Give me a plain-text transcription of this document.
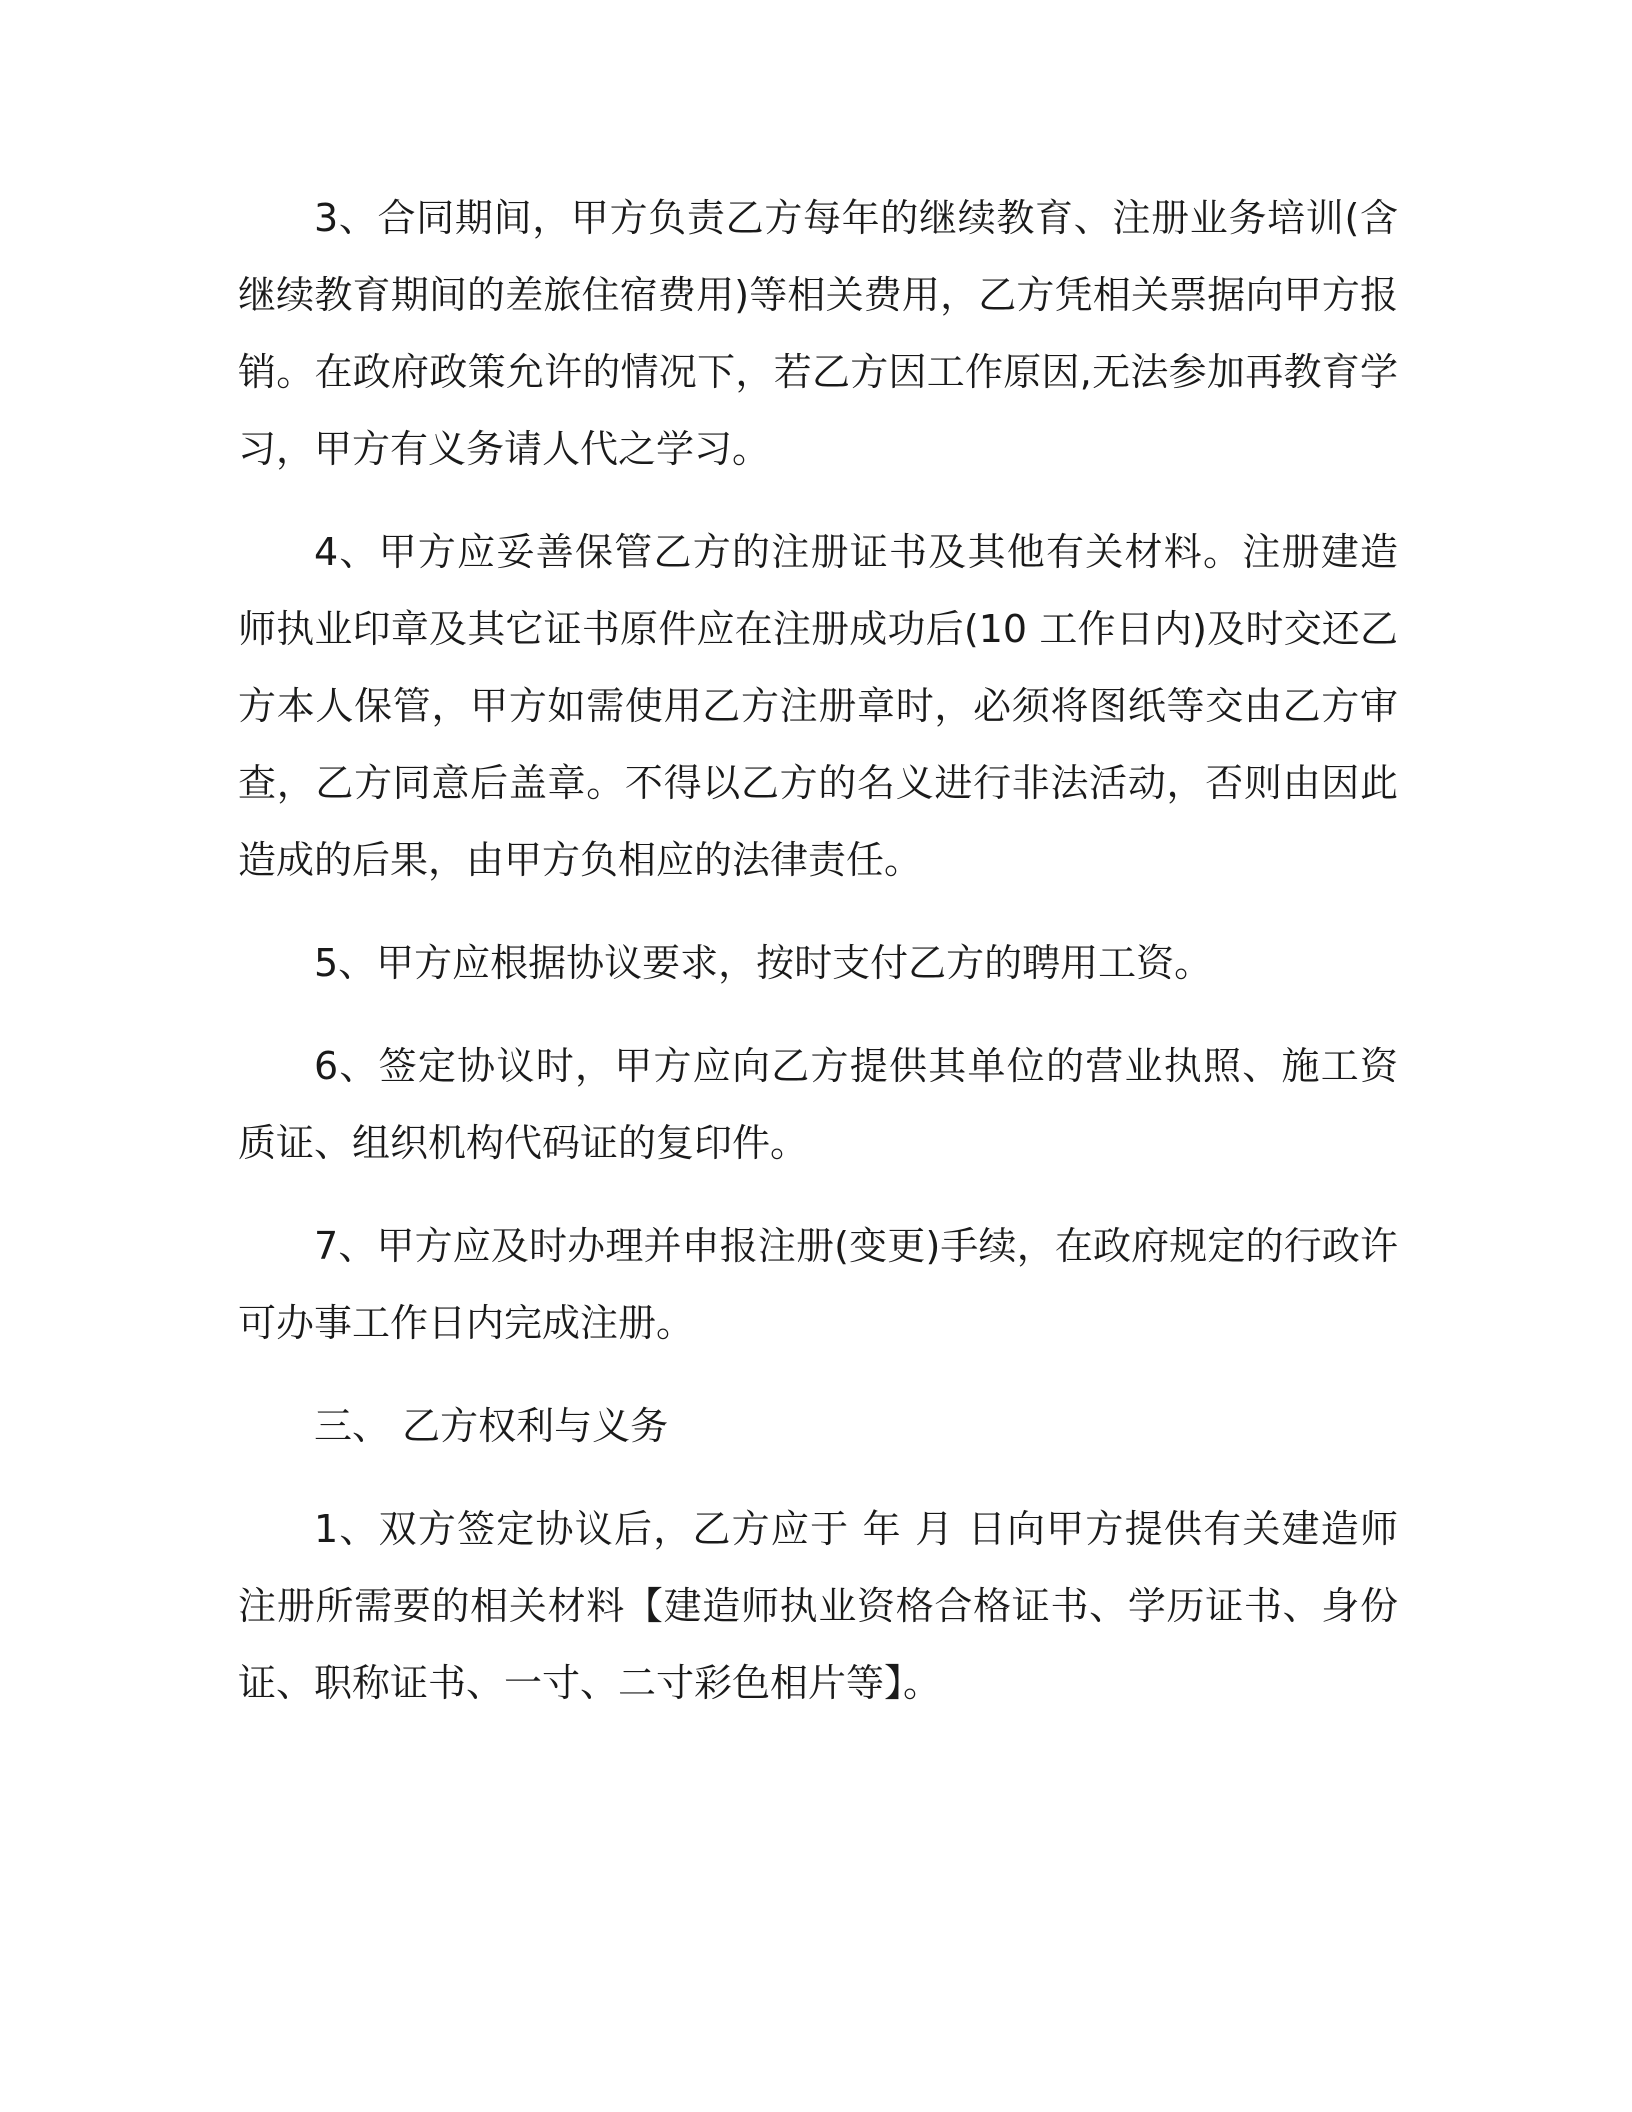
3、合同期间，甲方负责乙方每年的继续教育、注册业务培训(含继续教育期间的差旅住宿费用)等相关费用，乙方凭相关票据向甲方报销。在政府政策允许的情况下，若乙方因工作原因,无法参加再教育学习，甲方有义务请人代之学习。

4、甲方应妥善保管乙方的注册证书及其他有关材料。注册建造师执业印章及其它证书原件应在注册成功后(10 工作日内)及时交还乙方本人保管，甲方如需使用乙方注册章时，必须将图纸等交由乙方审查，乙方同意后盖章。不得以乙方的名义进行非法活动，否则由因此造成的后果，由甲方负相应的法律责任。

5、甲方应根据协议要求，按时支付乙方的聘用工资。

6、签定协议时，甲方应向乙方提供其单位的营业执照、施工资质证、组织机构代码证的复印件。

7、甲方应及时办理并申报注册(变更)手续，在政府规定的行政许可办事工作日内完成注册。

三、 乙方权利与义务

1、双方签定协议后，乙方应于 年 月 日向甲方提供有关建造师注册所需要的相关材料【建造师执业资格合格证书、学历证书、身份证、职称证书、一寸、二寸彩色相片等】。
